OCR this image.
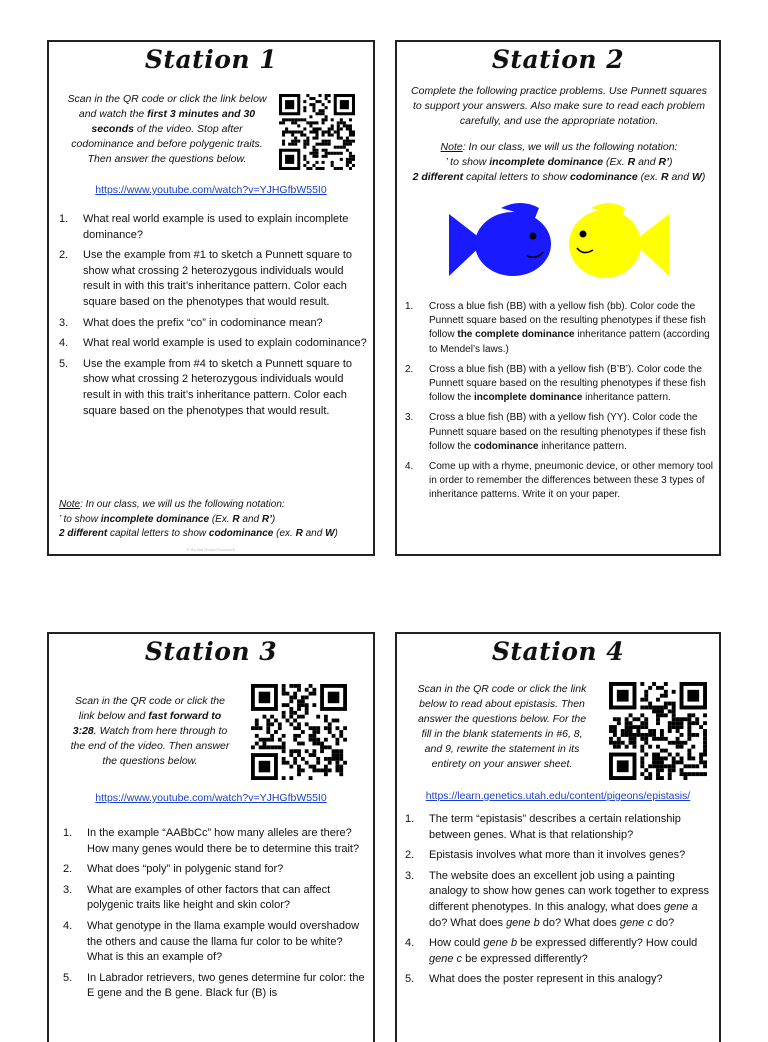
Station 1
Scan in the QR code or click the link below and watch the first 3 minutes and 30 seconds of the video. Stop after codominance and before polygenic traits. Then answer the questions below.
https://www.youtube.com/watch?v=YJHGfbW55I0
1. What real world example is used to explain incomplete dominance?
2. Use the example from #1 to sketch a Punnett square to show what crossing 2 heterozygous individuals would result in with this trait’s inheritance pattern. Color each square based on the phenotypes that would result.
3. What does the prefix “co” in codominance mean?
4. What real world example is used to explain codominance?
5. Use the example from #4 to sketch a Punnett square to show what crossing 2 heterozygous individuals would result in with this trait’s inheritance pattern. Color each square based on the phenotypes that would result.
Note: In our class, we will us the following notation:
’ to show incomplete dominance (Ex. R and R’)
2 different capital letters to show codominance (ex. R and W)
© It's Not Rocket Science®
Station 2
Complete the following practice problems. Use Punnett squares to support your answers. Also make sure to read each problem carefully, and use the appropriate notation.
Note: In our class, we will us the following notation:
’ to show incomplete dominance (Ex. R and R’)
2 different capital letters to show codominance (ex. R and W)
1. Cross a blue fish (BB) with a yellow fish (bb). Color code the Punnett square based on the resulting phenotypes if these fish follow the complete dominance inheritance pattern (according to Mendel’s laws.)
2. Cross a blue fish (BB) with a yellow fish (B’B’). Color code the Punnett square based on the resulting phenotypes if these fish follow the incomplete dominance inheritance pattern.
3. Cross a blue fish (BB) with a yellow fish (YY). Color code the Punnett square based on the resulting phenotypes if these fish follow the codominance inheritance pattern.
4. Come up with a rhyme, pneumonic device, or other memory tool in order to remember the differences between these 3 types of inheritance patterns. Write it on your paper.
Station 3
Scan in the QR code or click the link below and fast forward to 3:28. Watch from here through to the end of the video. Then answer the questions below.
https://www.youtube.com/watch?v=YJHGfbW55I0
1. In the example “AABbCc” how many alleles are there? How many genes would there be to determine this trait?
2. What does “poly” in polygenic stand for?
3. What are examples of other factors that can affect polygenic traits like height and skin color?
4. What genotype in the llama example would overshadow the others and cause the llama fur color to be white? What is this an example of?
5. In Labrador retrievers, two genes determine fur color: the E gene and the B gene. Black fur (B) is
Station 4
Scan in the QR code or click the link below to read about epistasis. Then answer the questions below. For the fill in the blank statements in #6, 8, and 9, rewrite the statement in its entirety on your answer sheet.
https://learn.genetics.utah.edu/content/pigeons/epistasis/
1. The term “epistasis” describes a certain relationship between genes. What is that relationship?
2. Epistasis involves what more than it involves genes?
3. The website does an excellent job using a painting analogy to show how genes can work together to express different phenotypes. In this analogy, what does gene a do? What does gene b do? What does gene c do?
4. How could gene b be expressed differently? How could gene c be expressed differently?
5. What does the poster represent in this analogy?
